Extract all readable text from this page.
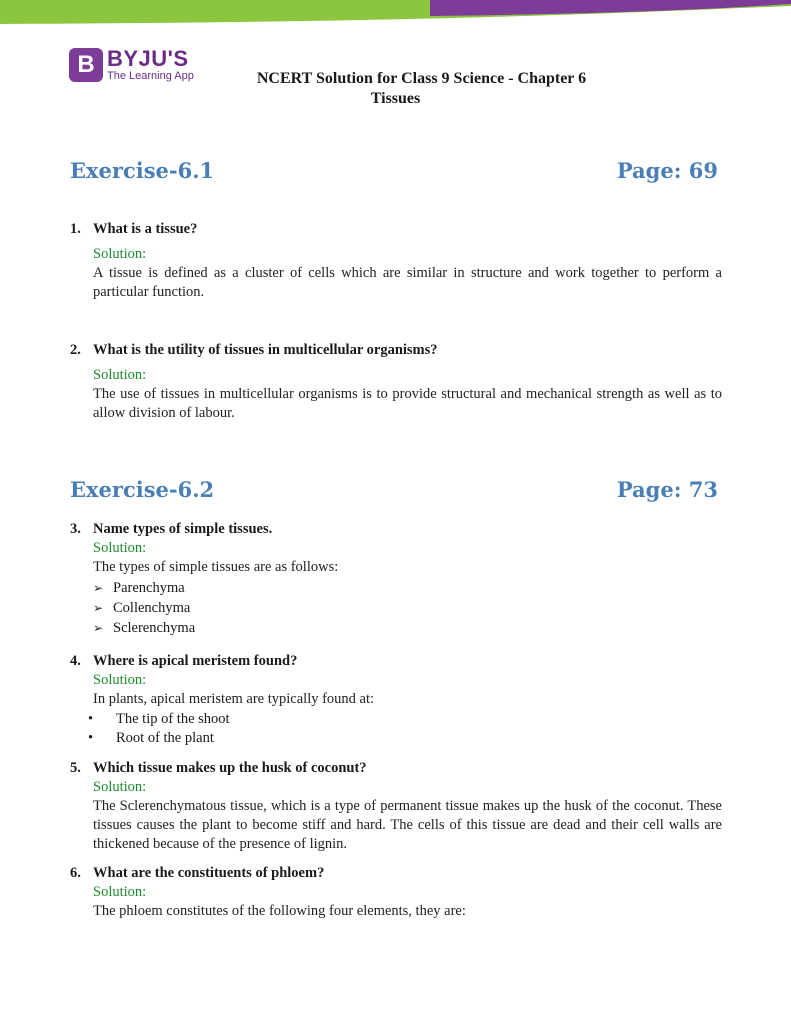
B BYJU'S
The Learning App	NCERT Solution for Class 9 Science - Chapter 6
Tissues
Exercise-6.1	Page: 69
1. What is a tissue?
Solution:
A tissue is defined as a cluster of cells which are similar in structure and work together to perform a particular function.
2. What is the utility of tissues in multicellular organisms?
Solution:
The use of tissues in multicellular organisms is to provide structural and mechanical strength as well as to allow division of labour.
Exercise-6.2	Page: 73
3. Name types of simple tissues.
Solution:
The types of simple tissues are as follows:
➢ Parenchyma
➢ Collenchyma
➢ Sclerenchyma
4. Where is apical meristem found?
Solution:
In plants, apical meristem are typically found at:
•	The tip of the shoot
•	Root of the plant
5. Which tissue makes up the husk of coconut?
Solution:
The Sclerenchymatous tissue, which is a type of permanent tissue makes up the husk of the coconut. These tissues causes the plant to become stiff and hard. The cells of this tissue are dead and their cell walls are thickened because of the presence of lignin.
6. What are the constituents of phloem?
Solution:
The phloem constitutes of the following four elements, they are:
